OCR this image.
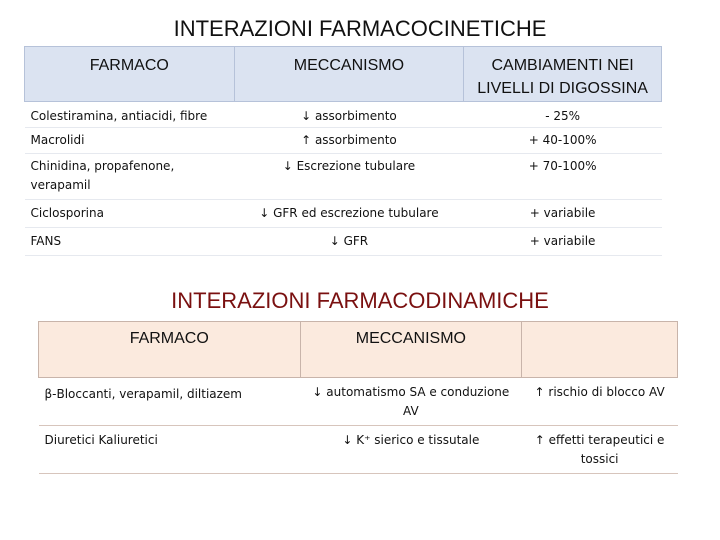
INTERAZIONI FARMACOCINETICHE
FARMACO	MECCANISMO	CAMBIAMENTI NEI LIVELLI DI DIGOSSINA
Colestiramina, antiacidi, fibre	↓ assorbimento	- 25%
Macrolidi	↑ assorbimento	+ 40-100%
Chinidina, propafenone, verapamil	↓ Escrezione tubulare	+ 70-100%
Ciclosporina	↓ GFR ed escrezione tubulare	+ variabile
FANS	↓ GFR	+ variabile
INTERAZIONI FARMACODINAMICHE
FARMACO	MECCANISMO	
β-Bloccanti, verapamil, diltiazem	↓ automatismo SA e conduzione AV	↑ rischio di blocco AV
Diuretici Kaliuretici	↓ K⁺ sierico e tissutale	↑ effetti terapeutici e tossici
